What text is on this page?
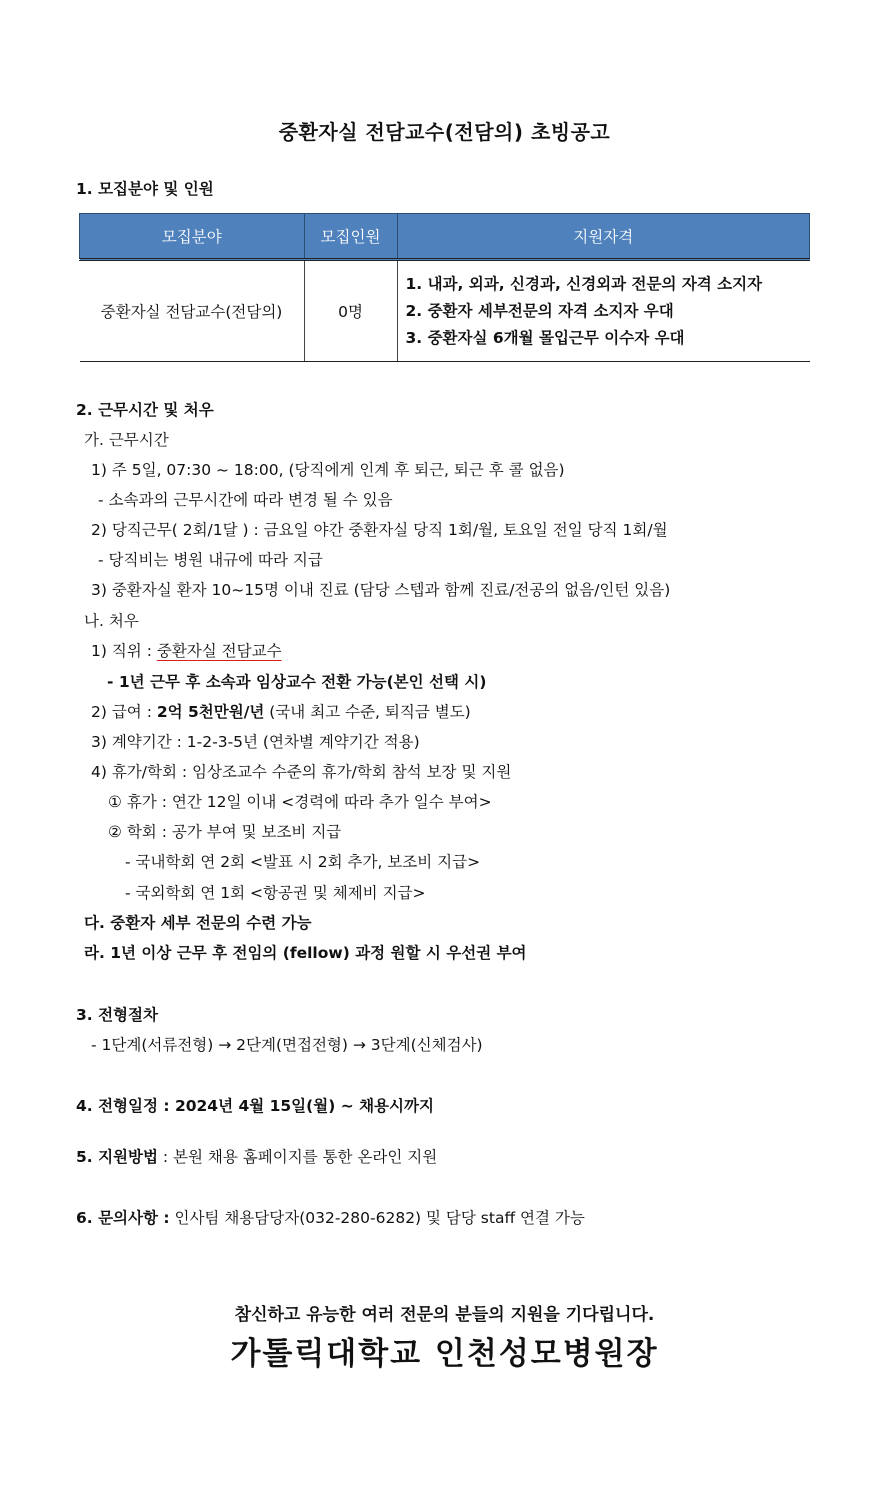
중환자실 전담교수(전담의) 초빙공고
1. 모집분야 및 인원
모집분야	모집인원	지원자격
중환자실 전담교수(전담의)	0명	1. 내과, 외과, 신경과, 신경외과 전문의 자격 소지자
2. 중환자 세부전문의 자격 소지자 우대
3. 중환자실 6개월 몰입근무 이수자 우대
2. 근무시간 및 처우
가. 근무시간
1) 주 5일, 07:30 ~ 18:00, (당직에게 인계 후 퇴근, 퇴근 후 콜 없음)
- 소속과의 근무시간에 따라 변경 될 수 있음
2) 당직근무( 2회/1달 ) : 금요일 야간 중환자실 당직 1회/월, 토요일 전일 당직 1회/월
- 당직비는 병원 내규에 따라 지급
3) 중환자실 환자 10~15명 이내 진료 (담당 스텝과 함께 진료/전공의 없음/인턴 있음)
나. 처우
1) 직위 : 중환자실 전담교수
- 1년 근무 후 소속과 임상교수 전환 가능(본인 선택 시)
2) 급여 : 2억 5천만원/년 (국내 최고 수준, 퇴직금 별도)
3) 계약기간 : 1-2-3-5년 (연차별 계약기간 적용)
4) 휴가/학회 : 임상조교수 수준의 휴가/학회 참석 보장 및 지원
① 휴가 : 연간 12일 이내 <경력에 따라 추가 일수 부여>
② 학회 : 공가 부여 및 보조비 지급
- 국내학회 연 2회 <발표 시 2회 추가, 보조비 지급>
- 국외학회 연 1회 <항공권 및 체제비 지급>
다. 중환자 세부 전문의 수련 가능
라. 1년 이상 근무 후 전임의 (fellow) 과정 원할 시 우선권 부여
3. 전형절차
- 1단계(서류전형) → 2단계(면접전형) → 3단계(신체검사)
4. 전형일정 : 2024년 4월 15일(월) ~ 채용시까지
5. 지원방법 : 본원 채용 홈페이지를 통한 온라인 지원
6. 문의사항 : 인사팀 채용담당자(032-280-6282) 및 담당 staff 연결 가능
참신하고 유능한 여러 전문의 분들의 지원을 기다립니다.
가톨릭대학교 인천성모병원장
